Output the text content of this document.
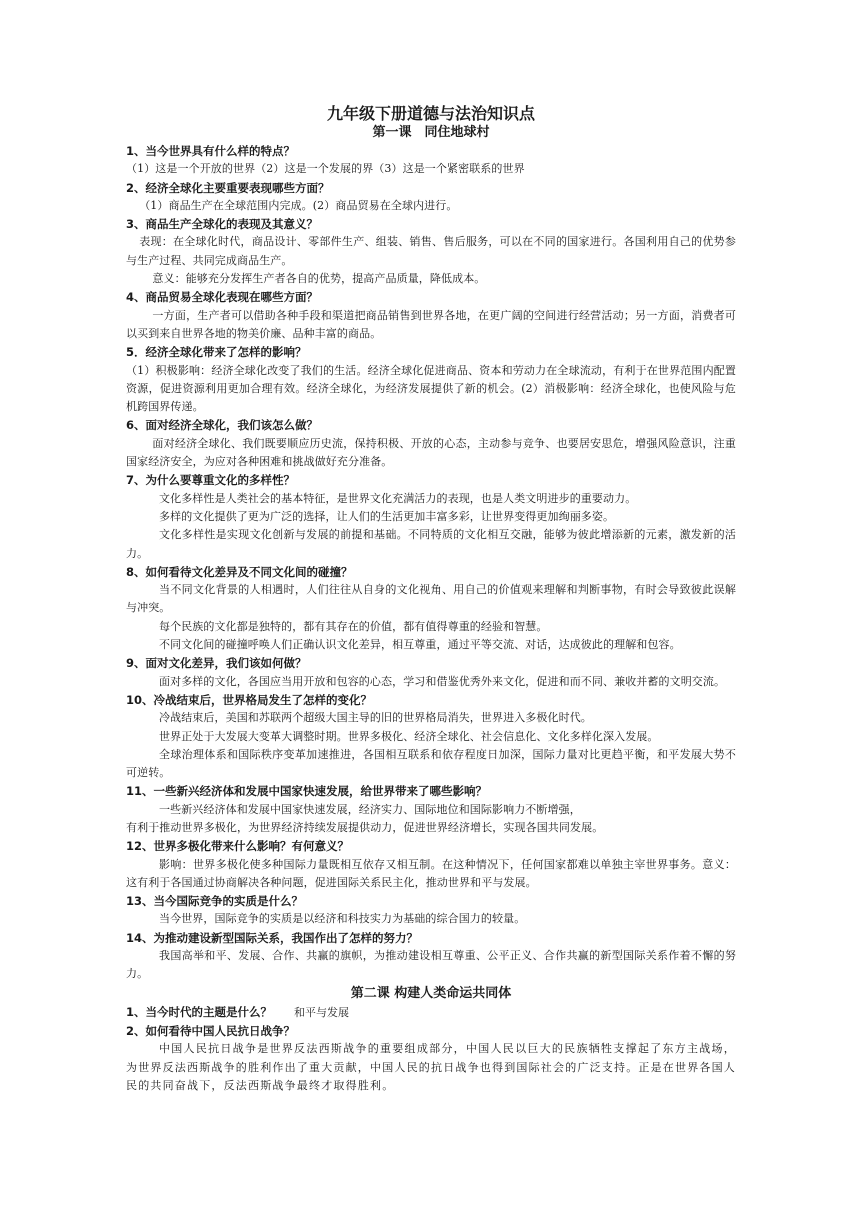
九年级下册道德与法治知识点

第一课　同住地球村

1、当今世界具有什么样的特点？

（1）这是一个开放的世界（2）这是一个发展的界（3）这是一个紧密联系的世界

2、经济全球化主要重要表现哪些方面？

（1）商品生产在全球范围内完成。(2）商品贸易在全球内进行。

3、商品生产全球化的表现及其意义？

表现：在全球化时代，商品设计、零部件生产、组装、销售、售后服务，可以在不同的国家进行。各国利用自己的优势参与生产过程、共同完成商品生产。

意义：能够充分发挥生产者各自的优势，提高产品质量，降低成本。

4、商品贸易全球化表现在哪些方面？

一方面，生产者可以借助各种手段和渠道把商品销售到世界各地，在更广阔的空间进行经营活动；另一方面，消费者可以买到来自世界各地的物美价廉、品种丰富的商品。

5．经济全球化带来了怎样的影响？

（1）积极影响：经济全球化改变了我们的生活。经济全球化促进商品、资本和劳动力在全球流动，有利于在世界范围内配置资源，促进资源利用更加合理有效。经济全球化，为经济发展提供了新的机会。(2）消极影响：经济全球化，也使风险与危机跨国界传递。

6、面对经济全球化，我们该怎么做？

面对经济全球化、我们既要顺应历史流，保持积极、开放的心态，主动参与竞争、也要居安思危，增强风险意识，注重国家经济安全，为应对各种困难和挑战做好充分准备。

7、为什么要尊重文化的多样性？

文化多样性是人类社会的基本特征，是世界文化充满活力的表现，也是人类文明进步的重要动力。

多样的文化提供了更为广泛的选择，让人们的生活更加丰富多彩，让世界变得更加绚丽多姿。

文化多样性是实现文化创新与发展的前提和基础。不同特质的文化相互交融，能够为彼此增添新的元素，激发新的活力。

8、如何看待文化差异及不同文化间的碰撞？

当不同文化背景的人相遇时，人们往往从自身的文化视角、用自己的价值观来理解和判断事物，有时会导致彼此误解与冲突。

每个民族的文化都是独特的，都有其存在的价值，都有值得尊重的经验和智慧。

不同文化间的碰撞呼唤人们正确认识文化差异，相互尊重，通过平等交流、对话，达成彼此的理解和包容。

9、面对文化差异，我们该如何做？

面对多样的文化，各国应当用开放和包容的心态，学习和借鉴优秀外来文化，促进和而不同、兼收并蓄的文明交流。

10、冷战结束后，世界格局发生了怎样的变化？

冷战结束后，美国和苏联两个超级大国主导的旧的世界格局消失，世界进入多极化时代。

世界正处于大发展大变革大调整时期。世界多极化、经济全球化、社会信息化、文化多样化深入发展。

全球治理体系和国际秩序变革加速推进，各国相互联系和依存程度日加深，国际力量对比更趋平衡，和平发展大势不可逆转。

11、一些新兴经济体和发展中国家快速发展，给世界带来了哪些影响？

一些新兴经济体和发展中国家快速发展，经济实力、国际地位和国际影响力不断增强，

有利于推动世界多极化，为世界经济持续发展提供动力，促进世界经济增长，实现各国共同发展。

12、世界多极化带来什么影响？有何意义？

影响：世界多极化使多种国际力量既相互依存又相互制。在这种情况下，任何国家都难以单独主宰世界事务。意义：这有利于各国通过协商解决各种问题，促进国际关系民主化，推动世界和平与发展。

13、当今国际竞争的实质是什么？

当今世界，国际竞争的实质是以经济和科技实力为基础的综合国力的较量。

14、为推动建设新型国际关系，我国作出了怎样的努力？

我国高举和平、发展、合作、共赢的旗帜，为推动建设相互尊重、公平正义、合作共赢的新型国际关系作着不懈的努力。

第二课 构建人类命运共同体

1、当今时代的主题是什么？ 和平与发展

2、如何看待中国人民抗日战争？

中国人民抗日战争是世界反法西斯战争的重要组成部分，中国人民以巨大的民族牺牲支撑起了东方主战场，为世界反法西斯战争的胜利作出了重大贡献，中国人民的抗日战争也得到国际社会的广泛支持。正是在世界各国人民的共同奋战下，反法西斯战争最终才取得胜利。
